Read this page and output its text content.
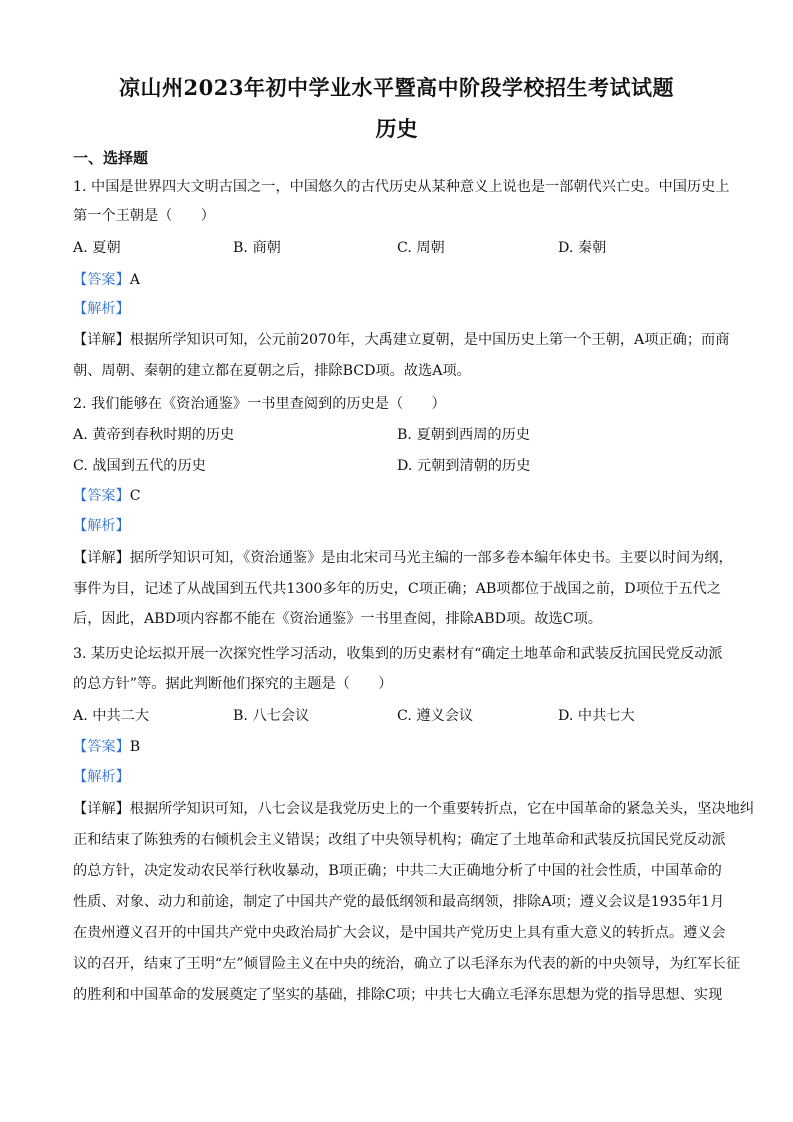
凉山州2023年初中学业水平暨高中阶段学校招生考试试题
历史
一、选择题
1. 中国是世界四大文明古国之一，中国悠久的古代历史从某种意义上说也是一部朝代兴亡史。中国历史上
第一个王朝是（　　）
A. 夏朝	B. 商朝	C. 周朝	D. 秦朝
【答案】A
【解析】
【详解】根据所学知识可知，公元前2070年，大禹建立夏朝，是中国历史上第一个王朝，A项正确；而商
朝、周朝、秦朝的建立都在夏朝之后，排除BCD项。故选A项。
2. 我们能够在《资治通鉴》一书里查阅到的历史是（　　）
A. 黄帝到春秋时期的历史	B. 夏朝到西周的历史
C. 战国到五代的历史	D. 元朝到清朝的历史
【答案】C
【解析】
【详解】据所学知识可知，《资治通鉴》是由北宋司马光主编的一部多卷本编年体史书。主要以时间为纲，
事件为目，记述了从战国到五代共1300多年的历史，C项正确；AB项都位于战国之前，D项位于五代之
后，因此，ABD项内容都不能在《资治通鉴》一书里查阅，排除ABD项。故选C项。
3. 某历史论坛拟开展一次探究性学习活动，收集到的历史素材有“确定土地革命和武装反抗国民党反动派
的总方针”等。据此判断他们探究的主题是（　　）
A. 中共二大	B. 八七会议	C. 遵义会议	D. 中共七大
【答案】B
【解析】
【详解】根据所学知识可知，八七会议是我党历史上的一个重要转折点，它在中国革命的紧急关头，坚决地纠
正和结束了陈独秀的右倾机会主义错误；改组了中央领导机构；确定了土地革命和武装反抗国民党反动派
的总方针，决定发动农民举行秋收暴动，B项正确；中共二大正确地分析了中国的社会性质，中国革命的
性质、对象、动力和前途，制定了中国共产党的最低纲领和最高纲领，排除A项；遵义会议是1935年1月
在贵州遵义召开的中国共产党中央政治局扩大会议，是中国共产党历史上具有重大意义的转折点。遵义会
议的召开，结束了王明“左”倾冒险主义在中央的统治，确立了以毛泽东为代表的新的中央领导，为红军长征
的胜利和中国革命的发展奠定了坚实的基础，排除C项；中共七大确立毛泽东思想为党的指导思想、实现
